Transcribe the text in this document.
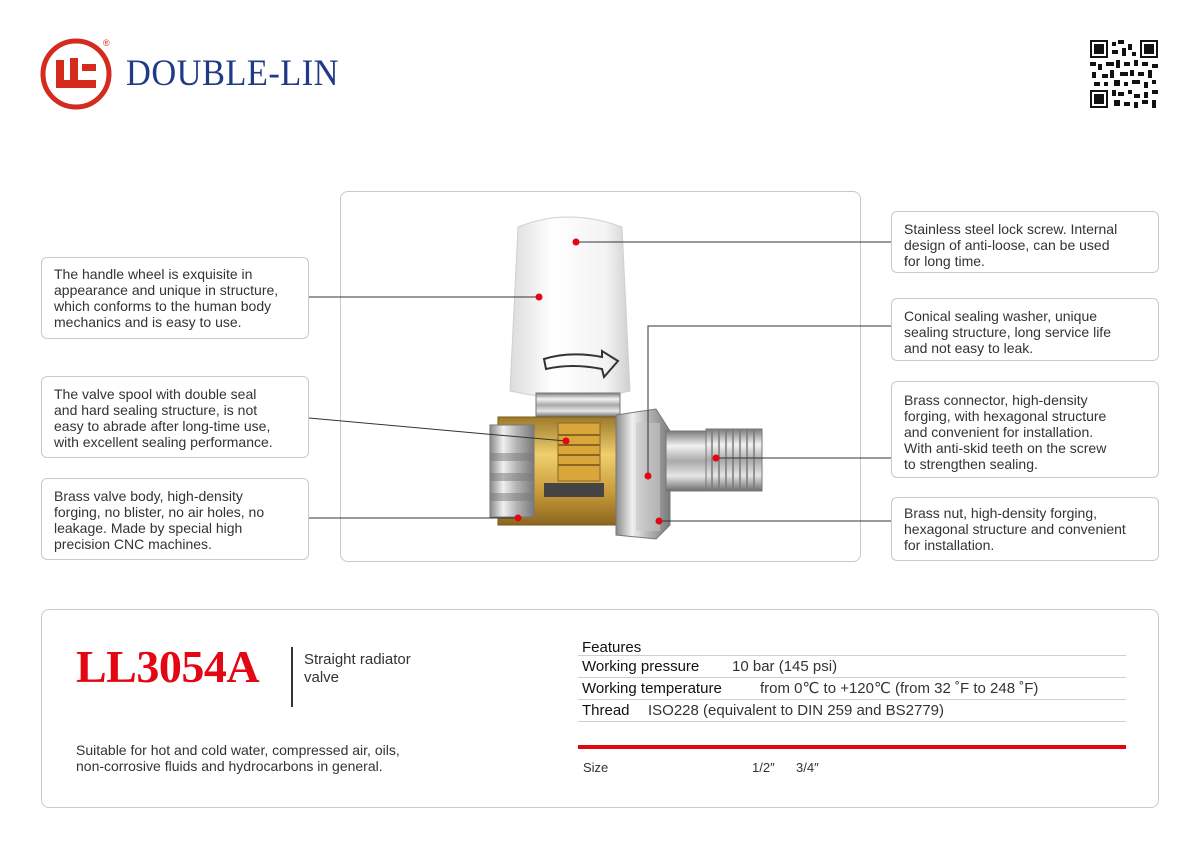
®
DOUBLE-LIN
The handle wheel is exquisite in
appearance and unique in structure,
which conforms to the human body
mechanics and is easy to use.
The valve spool with double seal
and hard sealing structure, is not
easy to abrade after long-time use,
with excellent sealing performance.
Brass valve body, high-density
forging, no blister, no air holes, no
leakage. Made by special high
precision CNC machines.
Stainless steel lock screw. Internal
design of anti-loose, can be used
for long time.
Conical sealing washer, unique
sealing structure, long service life
and not easy to leak.
Brass connector, high-density
forging, with hexagonal structure
and convenient for installation.
With anti-skid teeth on the screw
to strengthen sealing.
Brass nut, high-density forging,
hexagonal structure and convenient
for installation.
LL3054A	Straight radiator
valve
Suitable for hot and cold water, compressed air, oils,
non-corrosive fluids and hydrocarbons in general.
Features
Working pressure 10 bar (145 psi)
Working temperature	from 0℃ to +120℃ (from 32 ˚F to 248 ˚F)
Thread ISO228 (equivalent to DIN 259 and BS2779)
Size	1/2″ 3/4″
